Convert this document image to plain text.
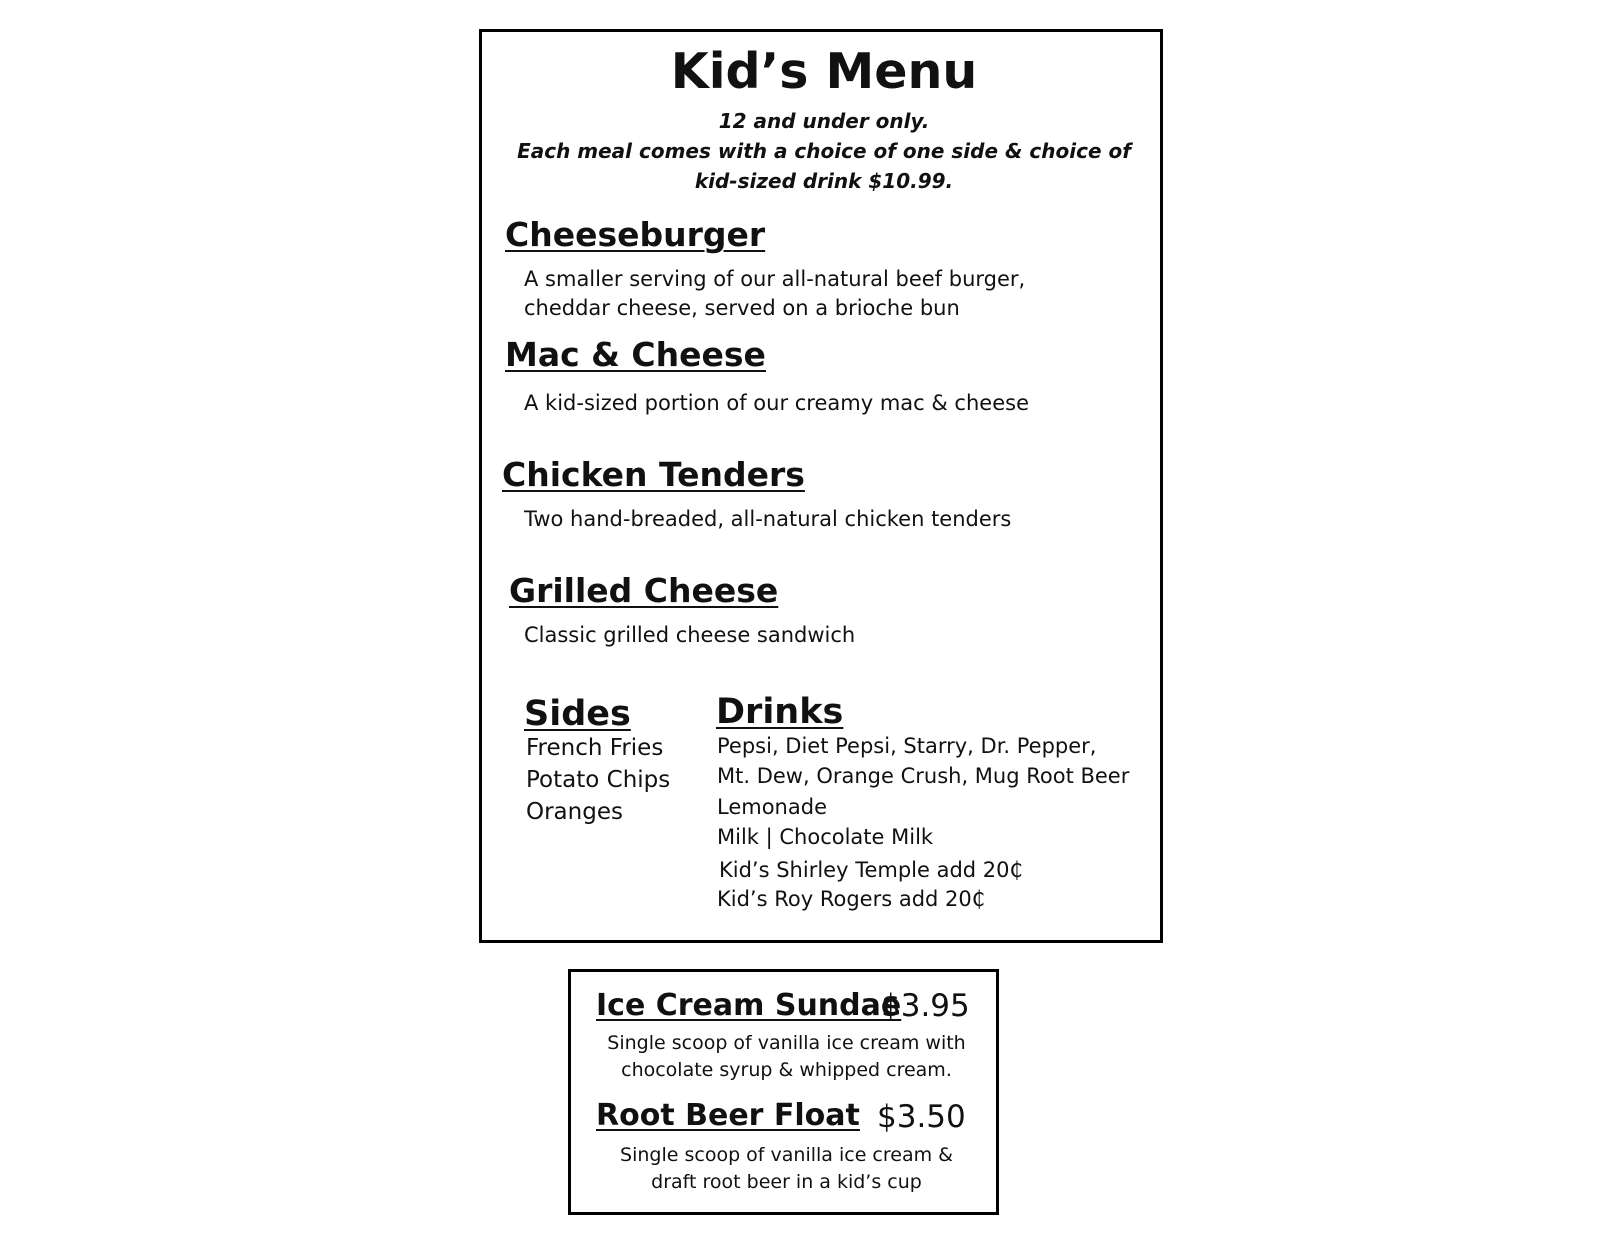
Kid’s Menu
12 and under only.
Each meal comes with a choice of one side & choice of
kid-sized drink $10.99.
Cheeseburger
A smaller serving of our all-natural beef burger,
cheddar cheese, served on a brioche bun
Mac & Cheese
A kid-sized portion of our creamy mac & cheese
Chicken Tenders
Two hand-breaded, all-natural chicken tenders
Grilled Cheese
Classic grilled cheese sandwich
Sides
French Fries
Potato Chips
Oranges
Drinks
Pepsi, Diet Pepsi, Starry, Dr. Pepper,
Mt. Dew, Orange Crush, Mug Root Beer
Lemonade
Milk | Chocolate Milk
Kid’s Shirley Temple add 20₵
Kid’s Roy Rogers add 20₵
Ice Cream Sundae
$3.95
Single scoop of vanilla ice cream with
chocolate syrup & whipped cream.
Root Beer Float $3.50
Single scoop of vanilla ice cream &
draft root beer in a kid’s cup
